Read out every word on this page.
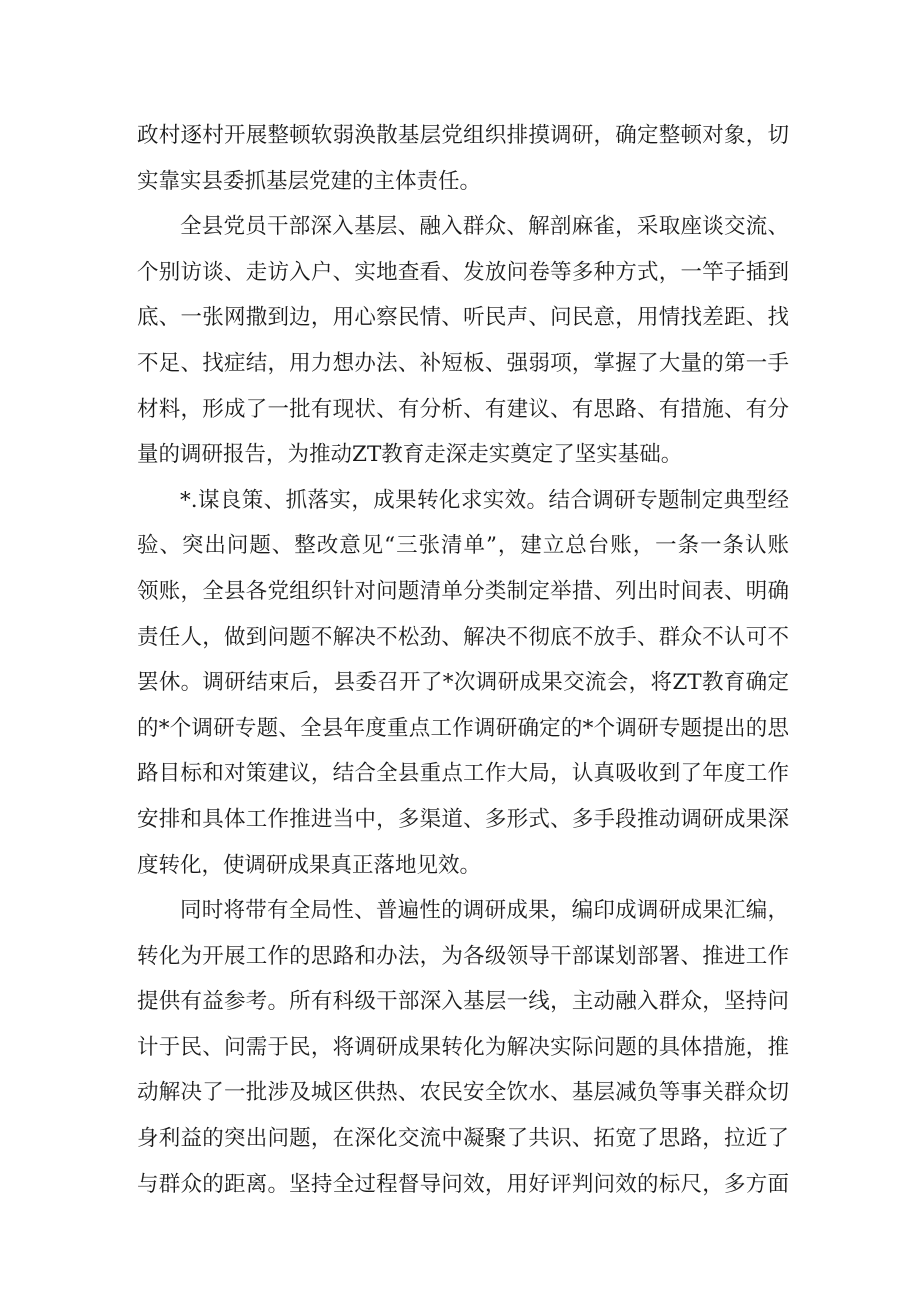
政村逐村开展整顿软弱涣散基层党组织排摸调研，确定整顿对象，切
实靠实县委抓基层党建的主体责任。
全县党员干部深入基层、融入群众、解剖麻雀，采取座谈交流、
个别访谈、走访入户、实地查看、发放问卷等多种方式，一竿子插到
底、一张网撒到边，用心察民情、听民声、问民意，用情找差距、找
不足、找症结，用力想办法、补短板、强弱项，掌握了大量的第一手
材料，形成了一批有现状、有分析、有建议、有思路、有措施、有分
量的调研报告，为推动ZT教育走深走实奠定了坚实基础。
*.谋良策、抓落实，成果转化求实效。结合调研专题制定典型经
验、突出问题、整改意见“三张清单”，建立总台账，一条一条认账
领账，全县各党组织针对问题清单分类制定举措、列出时间表、明确
责任人，做到问题不解决不松劲、解决不彻底不放手、群众不认可不
罢休。调研结束后，县委召开了*次调研成果交流会，将ZT教育确定
的*个调研专题、全县年度重点工作调研确定的*个调研专题提出的思
路目标和对策建议，结合全县重点工作大局，认真吸收到了年度工作
安排和具体工作推进当中，多渠道、多形式、多手段推动调研成果深
度转化，使调研成果真正落地见效。
同时将带有全局性、普遍性的调研成果，编印成调研成果汇编，
转化为开展工作的思路和办法，为各级领导干部谋划部署、推进工作
提供有益参考。所有科级干部深入基层一线，主动融入群众，坚持问
计于民、问需于民，将调研成果转化为解决实际问题的具体措施，推
动解决了一批涉及城区供热、农民安全饮水、基层减负等事关群众切
身利益的突出问题，在深化交流中凝聚了共识、拓宽了思路，拉近了
与群众的距离。坚持全过程督导问效，用好评判问效的标尺，多方面
